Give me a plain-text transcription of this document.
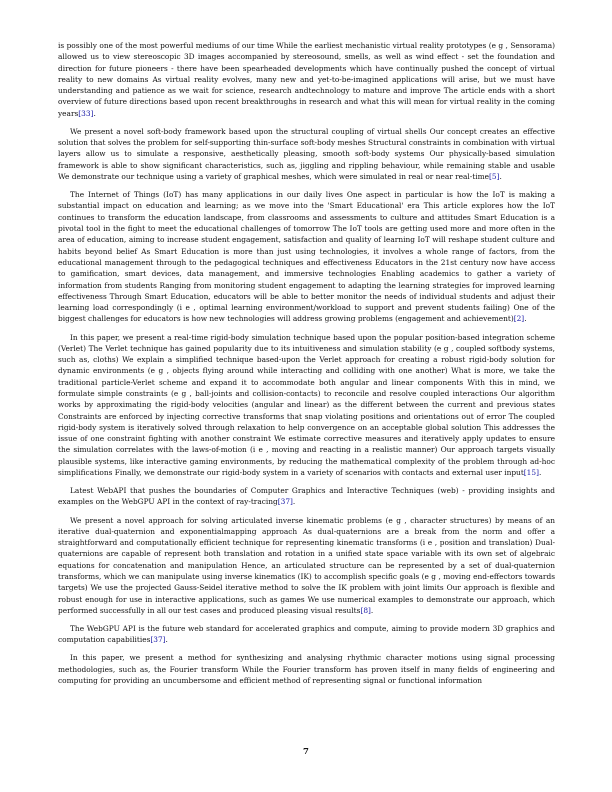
is possibly one of the most powerful mediums of our time While the earliest mechanistic virtual reality prototypes (e g , Sensorama) allowed us to view stereoscopic 3D images accompanied by stereosound, smells, as well as wind effect - set the foundation and direction for future pioneers - there have been spearheaded developments which have continually pushed the concept of virtual reality to new domains As virtual reality evolves, many new and yet-to-be-imagined applications will arise, but we must have understanding and patience as we wait for science, research andtechnology to mature and improve The article ends with a short overview of future directions based upon recent breakthroughs in research and what this will mean for virtual reality in the coming years[33].

We present a novel soft-body framework based upon the structural coupling of virtual shells Our concept creates an effective solution that solves the problem for self-supporting thin-surface soft-body meshes Structural constraints in combination with virtual layers allow us to simulate a responsive, aesthetically pleasing, smooth soft-body systems Our physically-based simulation framework is able to show significant characteristics, such as, jiggling and rippling behaviour, while remaining stable and usable We demonstrate our technique using a variety of graphical meshes, which were simulated in real or near real-time[5].

The Internet of Things (IoT) has many applications in our daily lives One aspect in particular is how the IoT is making a substantial impact on education and learning; as we move into the 'Smart Educational' era This article explores how the IoT continues to transform the education landscape, from classrooms and assessments to culture and attitudes Smart Education is a pivotal tool in the fight to meet the educational challenges of tomorrow The IoT tools are getting used more and more often in the area of education, aiming to increase student engagement, satisfaction and quality of learning IoT will reshape student culture and habits beyond belief As Smart Education is more than just using technologies, it involves a whole range of factors, from the educational management through to the pedagogical techniques and effectiveness Educators in the 21st century now have access to gamification, smart devices, data management, and immersive technologies Enabling academics to gather a variety of information from students Ranging from monitoring student engagement to adapting the learning strategies for improved learning effectiveness Through Smart Education, educators will be able to better monitor the needs of individual students and adjust their learning load correspondingly (i e , optimal learning environment/workload to support and prevent students failing) One of the biggest challenges for educators is how new technologies will address growing problems (engagement and achievement)[2].

In this paper, we present a real-time rigid-body simulation technique based upon the popular position-based integration scheme (Verlet) The Verlet technique has gained popularity due to its intuitiveness and simulation stability (e g , coupled softbody systems, such as, cloths) We explain a simplified technique based-upon the Verlet approach for creating a robust rigid-body solution for dynamic environments (e g , objects flying around while interacting and colliding with one another) What is more, we take the traditional particle-Verlet scheme and expand it to accommodate both angular and linear components With this in mind, we formulate simple constraints (e g , ball-joints and collision-contacts) to reconcile and resolve coupled interactions Our algorithm works by approximating the rigid-body velocities (angular and linear) as the different between the current and previous states Constraints are enforced by injecting corrective transforms that snap violating positions and orientations out of error The coupled rigid-body system is iteratively solved through relaxation to help convergence on an acceptable global solution This addresses the issue of one constraint fighting with another constraint We estimate corrective measures and iteratively apply updates to ensure the simulation correlates with the laws-of-motion (i e , moving and reacting in a realistic manner) Our approach targets visually plausible systems, like interactive gaming environments, by reducing the mathematical complexity of the problem through ad-hoc simplifications Finally, we demonstrate our rigid-body system in a variety of scenarios with contacts and external user input[15].

Latest WebAPI that pushes the boundaries of Computer Graphics and Interactive Techniques (web) - providing insights and examples on the WebGPU API in the context of ray-tracing[37].

We present a novel approach for solving articulated inverse kinematic problems (e g , character structures) by means of an iterative dual-quaternion and exponentialmapping approach As dual-quaternions are a break from the norm and offer a straightforward and computationally efficient technique for representing kinematic transforms (i e , position and translation) Dual-quaternions are capable of represent both translation and rotation in a unified state space variable with its own set of algebraic equations for concatenation and manipulation Hence, an articulated structure can be represented by a set of dual-quaternion transforms, which we can manipulate using inverse kinematics (IK) to accomplish specific goals (e g , moving end-effectors towards targets) We use the projected Gauss-Seidel iterative method to solve the IK problem with joint limits Our approach is flexible and robust enough for use in interactive applications, such as games We use numerical examples to demonstrate our approach, which performed successfully in all our test cases and produced pleasing visual results[8].

The WebGPU API is the future web standard for accelerated graphics and compute, aiming to provide modern 3D graphics and computation capabilities[37].

In this paper, we present a method for synthesizing and analysing rhythmic character motions using signal processing methodologies, such as, the Fourier transform While the Fourier transform has proven itself in many fields of engineering and computing for providing an uncumbersome and efficient method of representing signal or functional information

7
